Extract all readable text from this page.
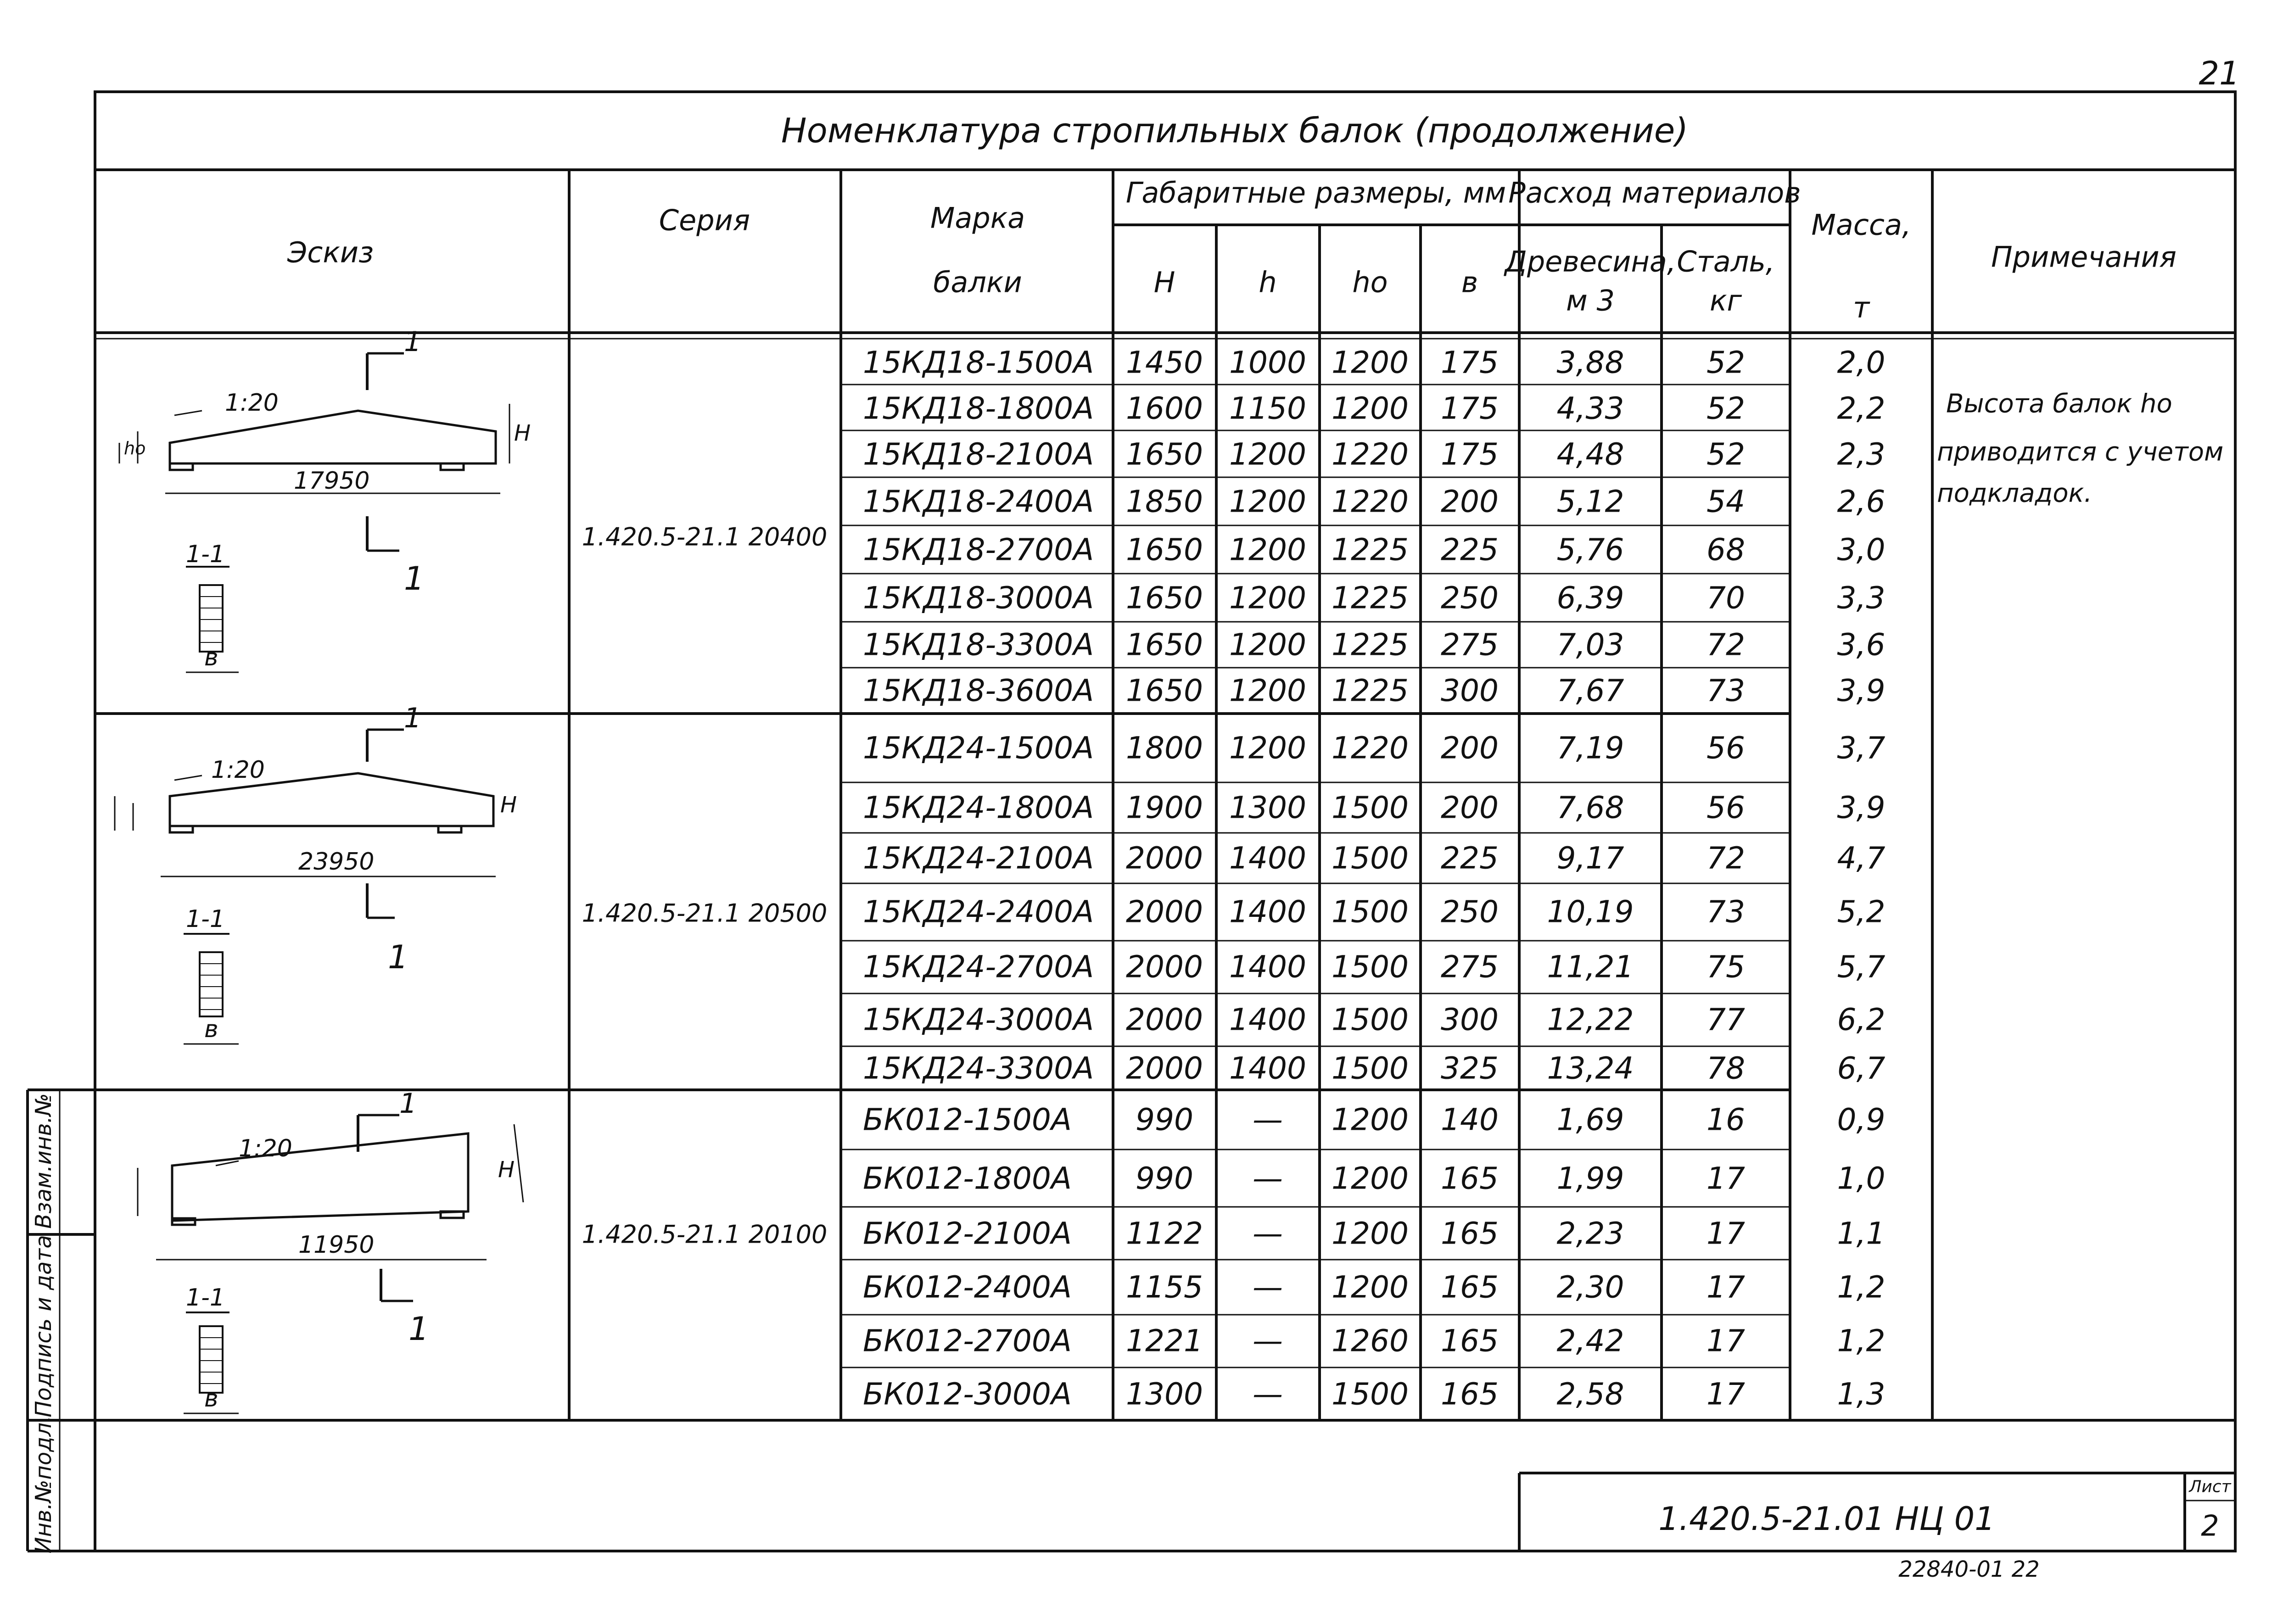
1:20
17950
1-1
1
1
в
ho
H
1:20
23950
1-1
1
1
в
H
1:20
11950
1-1
1
1
в
H
21
Номенклатура стропильных балок (продолжение)
Эскиз
Серия	Марка
балки
Габаритные размеры, мм
H	h	ho	в
Расход материалов
Древесина,
м 3
Сталь,
кг
Масса,
т
Примечания
Высота балок ho
приводится с учетом
подкладок.
1.420.5-21.1 20400
1.420.5-21.1 20500
1.420.5-21.1 20100
15КД18-1500А 1450 1000 1200 175 3,88	52	2,0
15КД18-1800А 1600 1150 1200 175 4,33	52	2,2
15КД18-2100А 1650 1200 1220 175 4,48	52	2,3
15КД18-2400А 1850 1200 1220 200 5,12	54	2,6
15КД18-2700А 1650 1200 1225 225 5,76	68	3,0
15КД18-3000А 1650 1200 1225 250 6,39	70	3,3
15КД18-3300А 1650 1200 1225 275 7,03	72	3,6
15КД18-3600А 1650 1200 1225 300 7,67	73	3,9
15КД24-1500А 1800 1200 1220 200 7,19	56	3,7
15КД24-1800А 1900 1300 1500 200 7,68	56	3,9
15КД24-2100А 2000 1400 1500 225 9,17	72	4,7
15КД24-2400А 2000 1400 1500 250 10,19 73	5,2
15КД24-2700А 2000 1400 1500 275 11,21 75	5,7
15КД24-3000А 2000 1400 1500 300 12,22 77	6,2
15КД24-3300А 2000 1400 1500 325 13,24 78	6,7
БК012-1500А 990 — 1200 140 1,69	16	0,9
БК012-1800А 990 — 1200 165 1,99	17	1,0
БК012-2100А 1122 — 1200 165 2,23	17	1,1
БК012-2400А 1155 — 1200 165 2,30	17	1,2
БК012-2700А 1221 — 1260 165 2,42	17	1,2
БК012-3000А 1300 — 1500 165 2,58	17	1,3
Инв.№подл.
Подпись и дата
Взам.инв.№
1.420.5-21.01 НЦ 01
Лист
2
22840-01 22
